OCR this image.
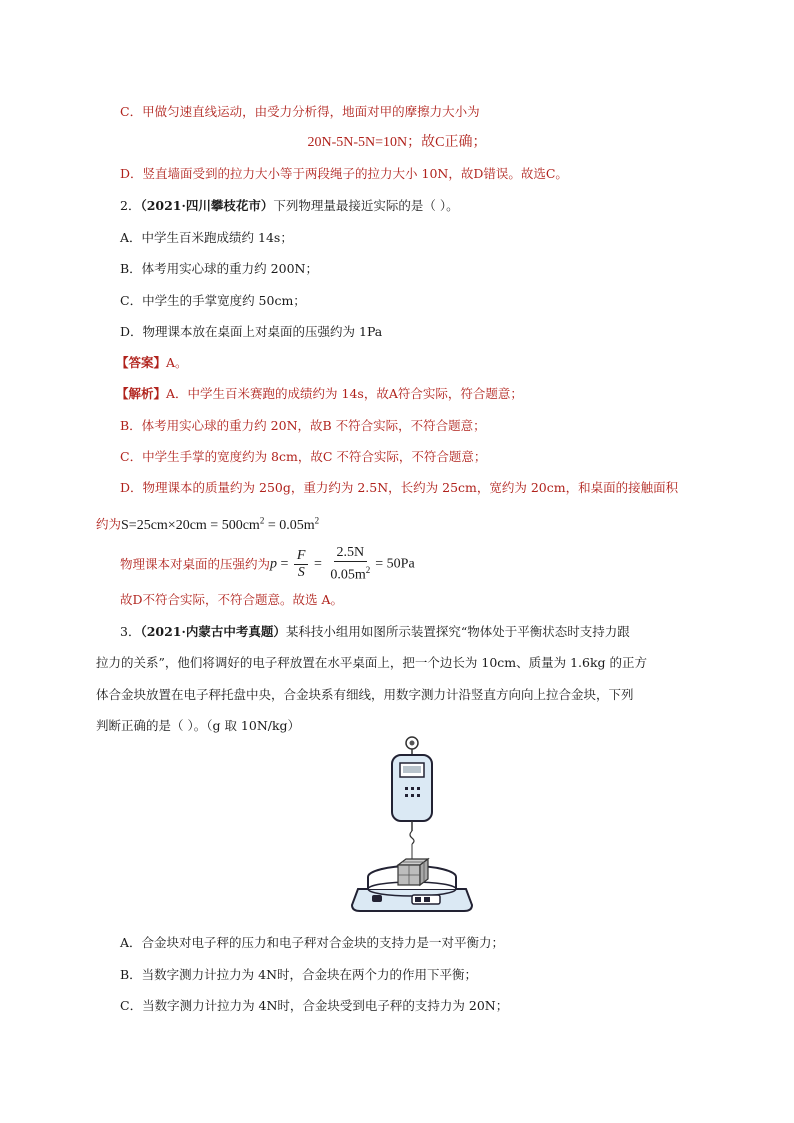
C．甲做匀速直线运动，由受力分析得，地面对甲的摩擦力大小为
20N-5N-5N=10N；故C正确；
D．竖直墙面受到的拉力大小等于两段绳子的拉力大小 10N，故D错误。故选C。
2．（2021·四川攀枝花市）下列物理量最接近实际的是（ ）。
A．中学生百米跑成绩约 14s；
B．体考用实心球的重力约 200N；
C．中学生的手掌宽度约 50cm；
D．物理课本放在桌面上对桌面的压强约为 1Pa
【答案】A。
【解析】A．中学生百米赛跑的成绩约为 14s，故A符合实际，符合题意；
B．体考用实心球的重力约 20N，故B 不符合实际，不符合题意；
C．中学生手掌的宽度约为 8cm，故C 不符合实际，不符合题意；
D．物理课本的质量约为 250g，重力约为 2.5N，长约为 25cm，宽约为 20cm，和桌面的接触面积
约为$S=25cm\times 20cm = 500cm^2 = 0.05m^2$
物理课本对桌面的压强约为$p = \frac{F}{S} = \frac{2.5N}{0.05m^2} = 50Pa$
故D不符合实际，不符合题意。故选 A。
3．（2021·内蒙古中考真题）某科技小组用如图所示装置探究“物体处于平衡状态时支持力跟
拉力的关系”，他们将调好的电子秤放置在水平桌面上，把一个边长为 10cm、质量为 1.6kg 的正方
体合金块放置在电子秤托盘中央，合金块系有细线，用数字测力计沿竖直方向向上拉合金块，下列
判断正确的是（ ）。（g 取 10N/kg）
A．合金块对电子秤的压力和电子秤对合金块的支持力是一对平衡力；
B．当数字测力计拉力为 4N时，合金块在两个力的作用下平衡；
C．当数字测力计拉力为 4N时，合金块受到电子秤的支持力为 20N；
